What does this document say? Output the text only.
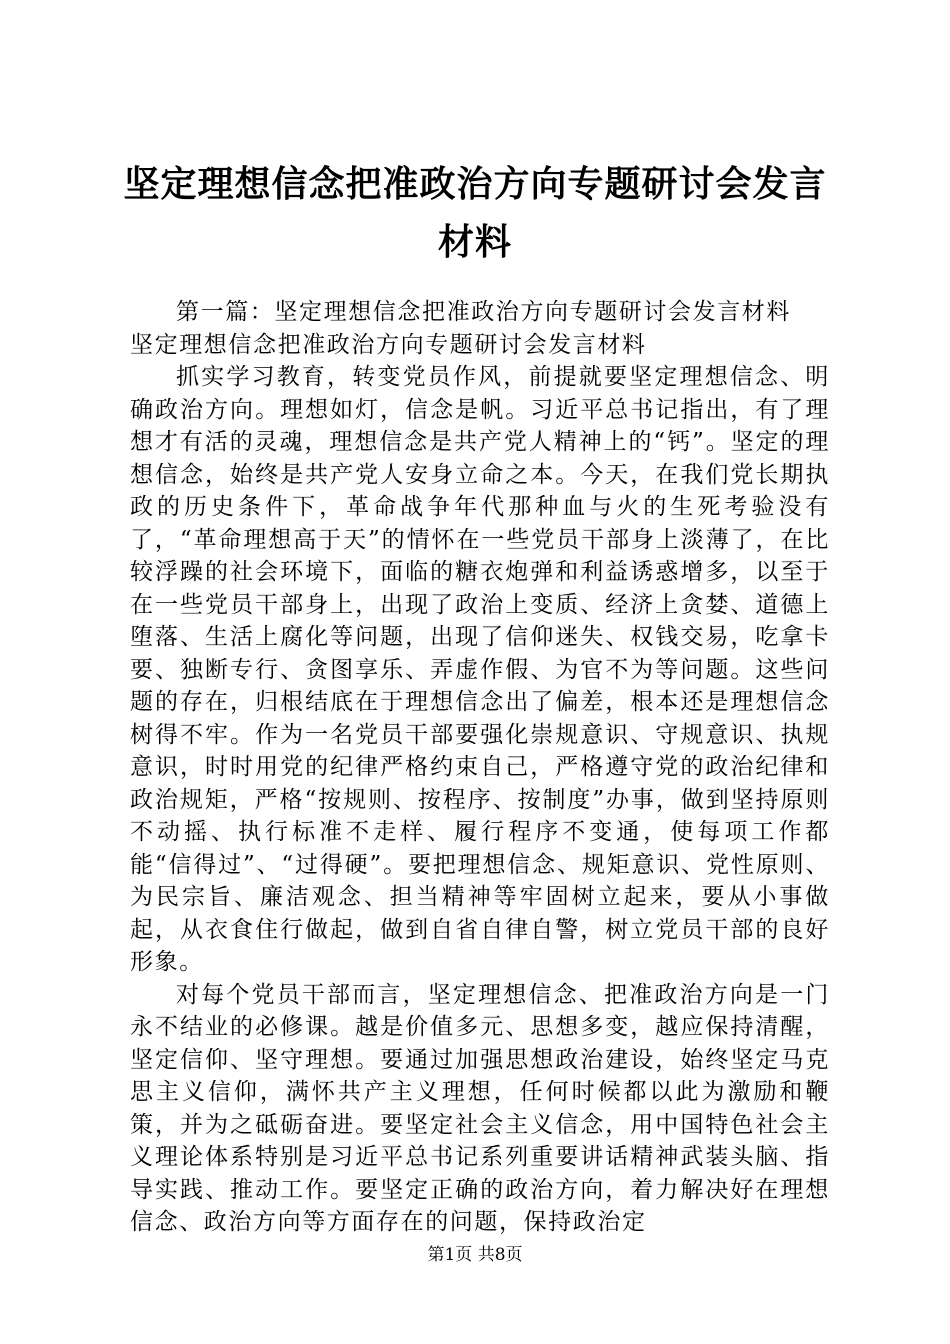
坚定理想信念把准政治方向专题研讨会发言材料

第一篇：坚定理想信念把准政治方向专题研讨会发言材料

坚定理想信念把准政治方向专题研讨会发言材料

抓实学习教育，转变党员作风，前提就要坚定理想信念、明确政治方向。理想如灯，信念是帆。习近平总书记指出，有了理想才有活的灵魂，理想信念是共产党人精神上的“钙”。坚定的理想信念，始终是共产党人安身立命之本。今天，在我们党长期执政的历史条件下，革命战争年代那种血与火的生死考验没有了，“革命理想高于天”的情怀在一些党员干部身上淡薄了，在比较浮躁的社会环境下，面临的糖衣炮弹和利益诱惑增多，以至于在一些党员干部身上，出现了政治上变质、经济上贪婪、道德上堕落、生活上腐化等问题，出现了信仰迷失、权钱交易，吃拿卡要、独断专行、贪图享乐、弄虚作假、为官不为等问题。这些问题的存在，归根结底在于理想信念出了偏差，根本还是理想信念树得不牢。作为一名党员干部要强化崇规意识、守规意识、执规意识，时时用党的纪律严格约束自己，严格遵守党的政治纪律和政治规矩，严格“按规则、按程序、按制度”办事，做到坚持原则不动摇、执行标准不走样、履行程序不变通，使每项工作都能“信得过”、“过得硬”。要把理想信念、规矩意识、党性原则、为民宗旨、廉洁观念、担当精神等牢固树立起来，要从小事做起，从衣食住行做起，做到自省自律自警，树立党员干部的良好形象。

对每个党员干部而言，坚定理想信念、把准政治方向是一门永不结业的必修课。越是价值多元、思想多变，越应保持清醒，坚定信仰、坚守理想。要通过加强思想政治建设，始终坚定马克思主义信仰，满怀共产主义理想，任何时候都以此为激励和鞭策，并为之砥砺奋进。要坚定社会主义信念，用中国特色社会主义理论体系特别是习近平总书记系列重要讲话精神武装头脑、指导实践、推动工作。要坚定正确的政治方向，着力解决好在理想信念、政治方向等方面存在的问题，保持政治定

第1页 共8页
